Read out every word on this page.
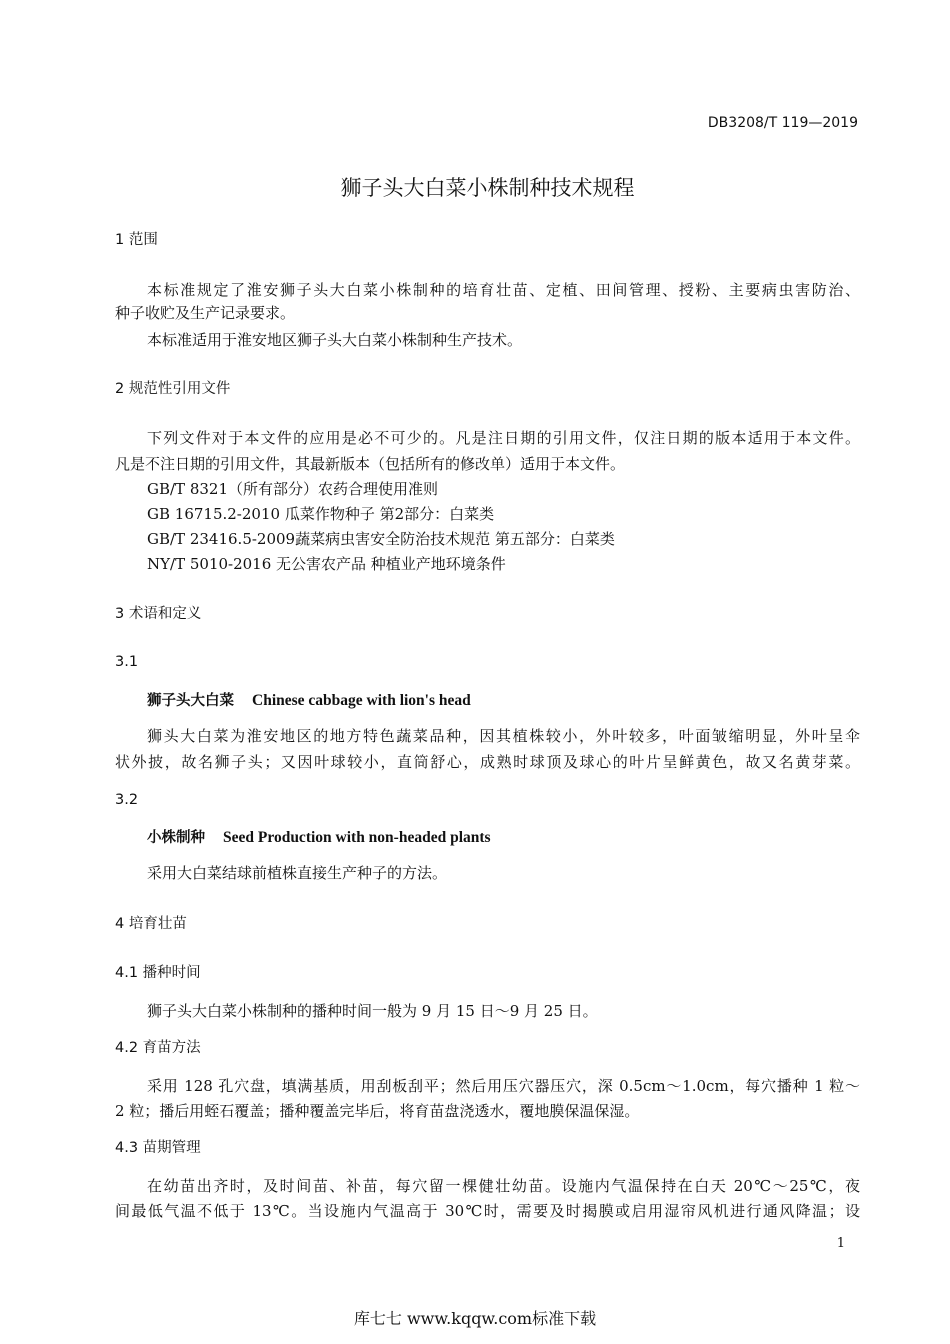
DB3208/T 119—2019
狮子头大白菜小株制种技术规程
1 范围
本标准规定了淮安狮子头大白菜小株制种的培育壮苗、定植、田间管理、授粉、主要病虫害防治、
种子收贮及生产记录要求。
本标准适用于淮安地区狮子头大白菜小株制种生产技术。
2 规范性引用文件
下列文件对于本文件的应用是必不可少的。凡是注日期的引用文件，仅注日期的版本适用于本文件。
凡是不注日期的引用文件，其最新版本（包括所有的修改单）适用于本文件。
GB/T 8321（所有部分）农药合理使用准则
GB 16715.2-2010 瓜菜作物种子 第2部分：白菜类
GB/T 23416.5-2009蔬菜病虫害安全防治技术规范 第五部分：白菜类
NY/T 5010-2016 无公害农产品 种植业产地环境条件
3 术语和定义
3.1
狮子头大白菜 Chinese cabbage with lion's head
狮头大白菜为淮安地区的地方特色蔬菜品种，因其植株较小，外叶较多，叶面皱缩明显，外叶呈伞
状外披，故名狮子头；又因叶球较小，直筒舒心，成熟时球顶及球心的叶片呈鲜黄色，故又名黄芽菜。
3.2
小株制种 Seed Production with non-headed plants
采用大白菜结球前植株直接生产种子的方法。
4 培育壮苗
4.1 播种时间
狮子头大白菜小株制种的播种时间一般为 9 月 15 日～9 月 25 日。
4.2 育苗方法
采用 128 孔穴盘，填满基质，用刮板刮平；然后用压穴器压穴，深 0.5cm～1.0cm，每穴播种 1 粒～
2 粒；播后用蛭石覆盖；播种覆盖完毕后，将育苗盘浇透水，覆地膜保温保湿。
4.3 苗期管理
在幼苗出齐时，及时间苗、补苗，每穴留一棵健壮幼苗。设施内气温保持在白天 20℃～25℃，夜
间最低气温不低于 13℃。当设施内气温高于 30℃时，需要及时揭膜或启用湿帘风机进行通风降温；设
1
库七七 www.kqqw.com标准下载
